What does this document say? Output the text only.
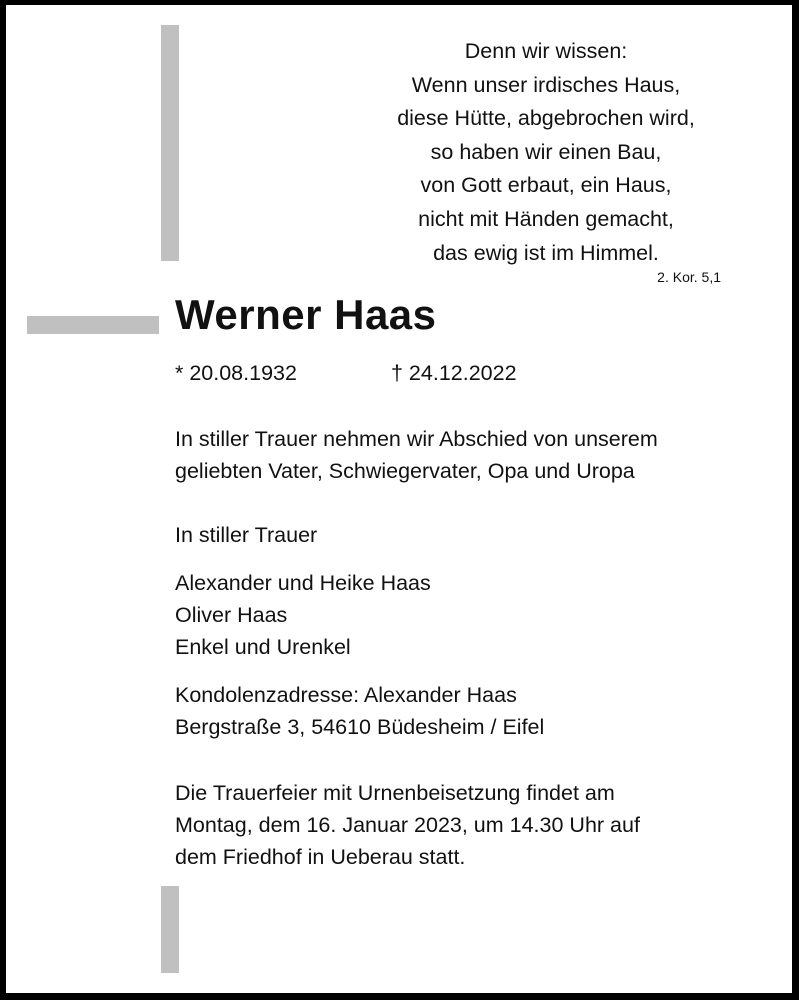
Denn wir wissen:
Wenn unser irdisches Haus,
diese Hütte, abgebrochen wird,
so haben wir einen Bau,
von Gott erbaut, ein Haus,
nicht mit Händen gemacht,
das ewig ist im Himmel.
2. Kor. 5,1
Werner Haas
* 20.08.1932	† 24.12.2022
In stiller Trauer nehmen wir Abschied von unserem
geliebten Vater, Schwiegervater, Opa und Uropa
In stiller Trauer
Alexander und Heike Haas
Oliver Haas
Enkel und Urenkel
Kondolenzadresse: Alexander Haas
Bergstraße 3, 54610 Büdesheim / Eifel
Die Trauerfeier mit Urnenbeisetzung findet am
Montag, dem 16. Januar 2023, um 14.30 Uhr auf
dem Friedhof in Ueberau statt.
